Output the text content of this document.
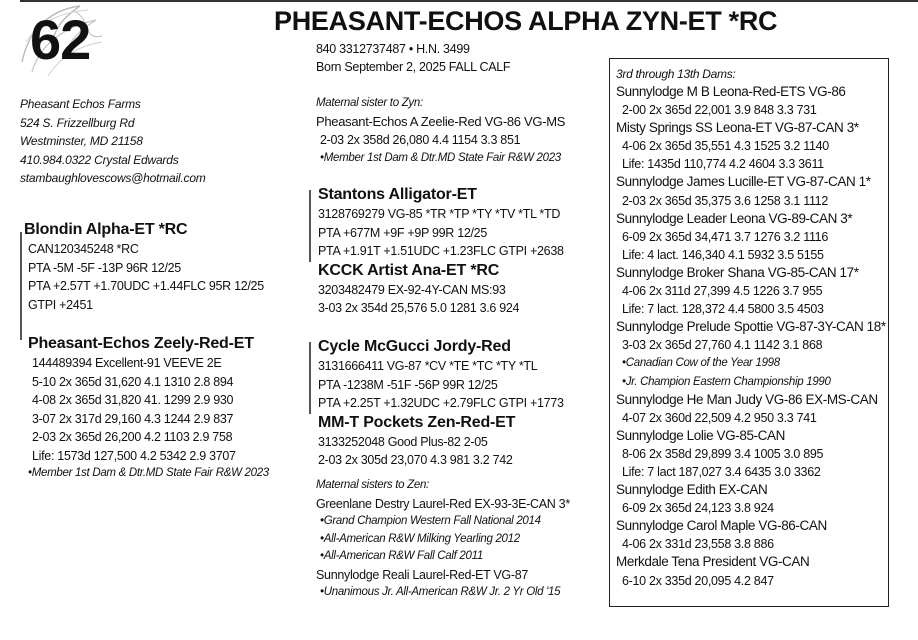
62	PHEASANT-ECHOS ALPHA ZYN-ET *RC
840 3312737487 • H.N. 3499
Born September 2, 2025 FALL CALF
Pheasant Echos Farms
524 S. Frizzellburg Rd
Westminster, MD 21158
410.984.0322 Crystal Edwards
stambaughlovescows@hotmail.com
Blondin Alpha-ET *RC
CAN120345248 *RC
PTA -5M -5F -13P 96R 12/25
PTA +2.57T +1.70UDC +1.44FLC 95R 12/25
GTPI +2451
Pheasant-Echos Zeely-Red-ET
144489394 Excellent-91 VEEVE 2E
5-10 2x 365d 31,620 4.1 1310 2.8 894
4-08 2x 365d 31,820 41. 1299 2.9 930
3-07 2x 317d 29,160 4.3 1244 2.9 837
2-03 2x 365d 26,200 4.2 1103 2.9 758
Life: 1573d 127,500 4.2 5342 2.9 3707
•Member 1st Dam & Dtr.MD State Fair R&W 2023
Maternal sister to Zyn:
Pheasant-Echos A Zeelie-Red VG-86 VG-MS
2-03 2x 358d 26,080 4.4 1154 3.3 851
•Member 1st Dam & Dtr.MD State Fair R&W 2023
Stantons Alligator-ET
3128769279 VG-85 *TR *TP *TY *TV *TL *TD
PTA +677M +9F +9P 99R 12/25
PTA +1.91T +1.51UDC +1.23FLC GTPI +2638
KCCK Artist Ana-ET *RC
3203482479 EX-92-4Y-CAN MS:93
3-03 2x 354d 25,576 5.0 1281 3.6 924
Cycle McGucci Jordy-Red
3131666411 VG-87 *CV *TE *TC *TY *TL
PTA -1238M -51F -56P 99R 12/25
PTA +2.25T +1.32UDC +2.79FLC GTPI +1773
MM-T Pockets Zen-Red-ET
3133252048 Good Plus-82 2-05
2-03 2x 305d 23,070 4.3 981 3.2 742
Maternal sisters to Zen:
Greenlane Destry Laurel-Red EX-93-3E-CAN 3*
•Grand Champion Western Fall National 2014
•All-American R&W Milking Yearling 2012
•All-American R&W Fall Calf 2011
Sunnylodge Reali Laurel-Red-ET VG-87
•Unanimous Jr. All-American R&W Jr. 2 Yr Old '15
3rd through 13th Dams:
Sunnylodge M B Leona-Red-ETS VG-86
2-00 2x 365d 22,001 3.9 848 3.3 731
Misty Springs SS Leona-ET VG-87-CAN 3*
4-06 2x 365d 35,551 4.3 1525 3.2 1140
Life: 1435d 110,774 4.2 4604 3.3 3611
Sunnylodge James Lucille-ET VG-87-CAN 1*
2-03 2x 365d 35,375 3.6 1258 3.1 1112
Sunnylodge Leader Leona VG-89-CAN 3*
6-09 2x 365d 34,471 3.7 1276 3.2 1116
Life: 4 lact. 146,340 4.1 5932 3.5 5155
Sunnylodge Broker Shana VG-85-CAN 17*
4-06 2x 311d 27,399 4.5 1226 3.7 955
Life: 7 lact. 128,372 4.4 5800 3.5 4503
Sunnylodge Prelude Spottie VG-87-3Y-CAN 18*
3-03 2x 365d 27,760 4.1 1142 3.1 868
•Canadian Cow of the Year 1998
•Jr. Champion Eastern Championship 1990
Sunnylodge He Man Judy VG-86 EX-MS-CAN
4-07 2x 360d 22,509 4.2 950 3.3 741
Sunnylodge Lolie VG-85-CAN
8-06 2x 358d 29,899 3.4 1005 3.0 895
Life: 7 lact 187,027 3.4 6435 3.0 3362
Sunnylodge Edith EX-CAN
6-09 2x 365d 24,123 3.8 924
Sunnylodge Carol Maple VG-86-CAN
4-06 2x 331d 23,558 3.8 886
Merkdale Tena President VG-CAN
6-10 2x 335d 20,095 4.2 847
